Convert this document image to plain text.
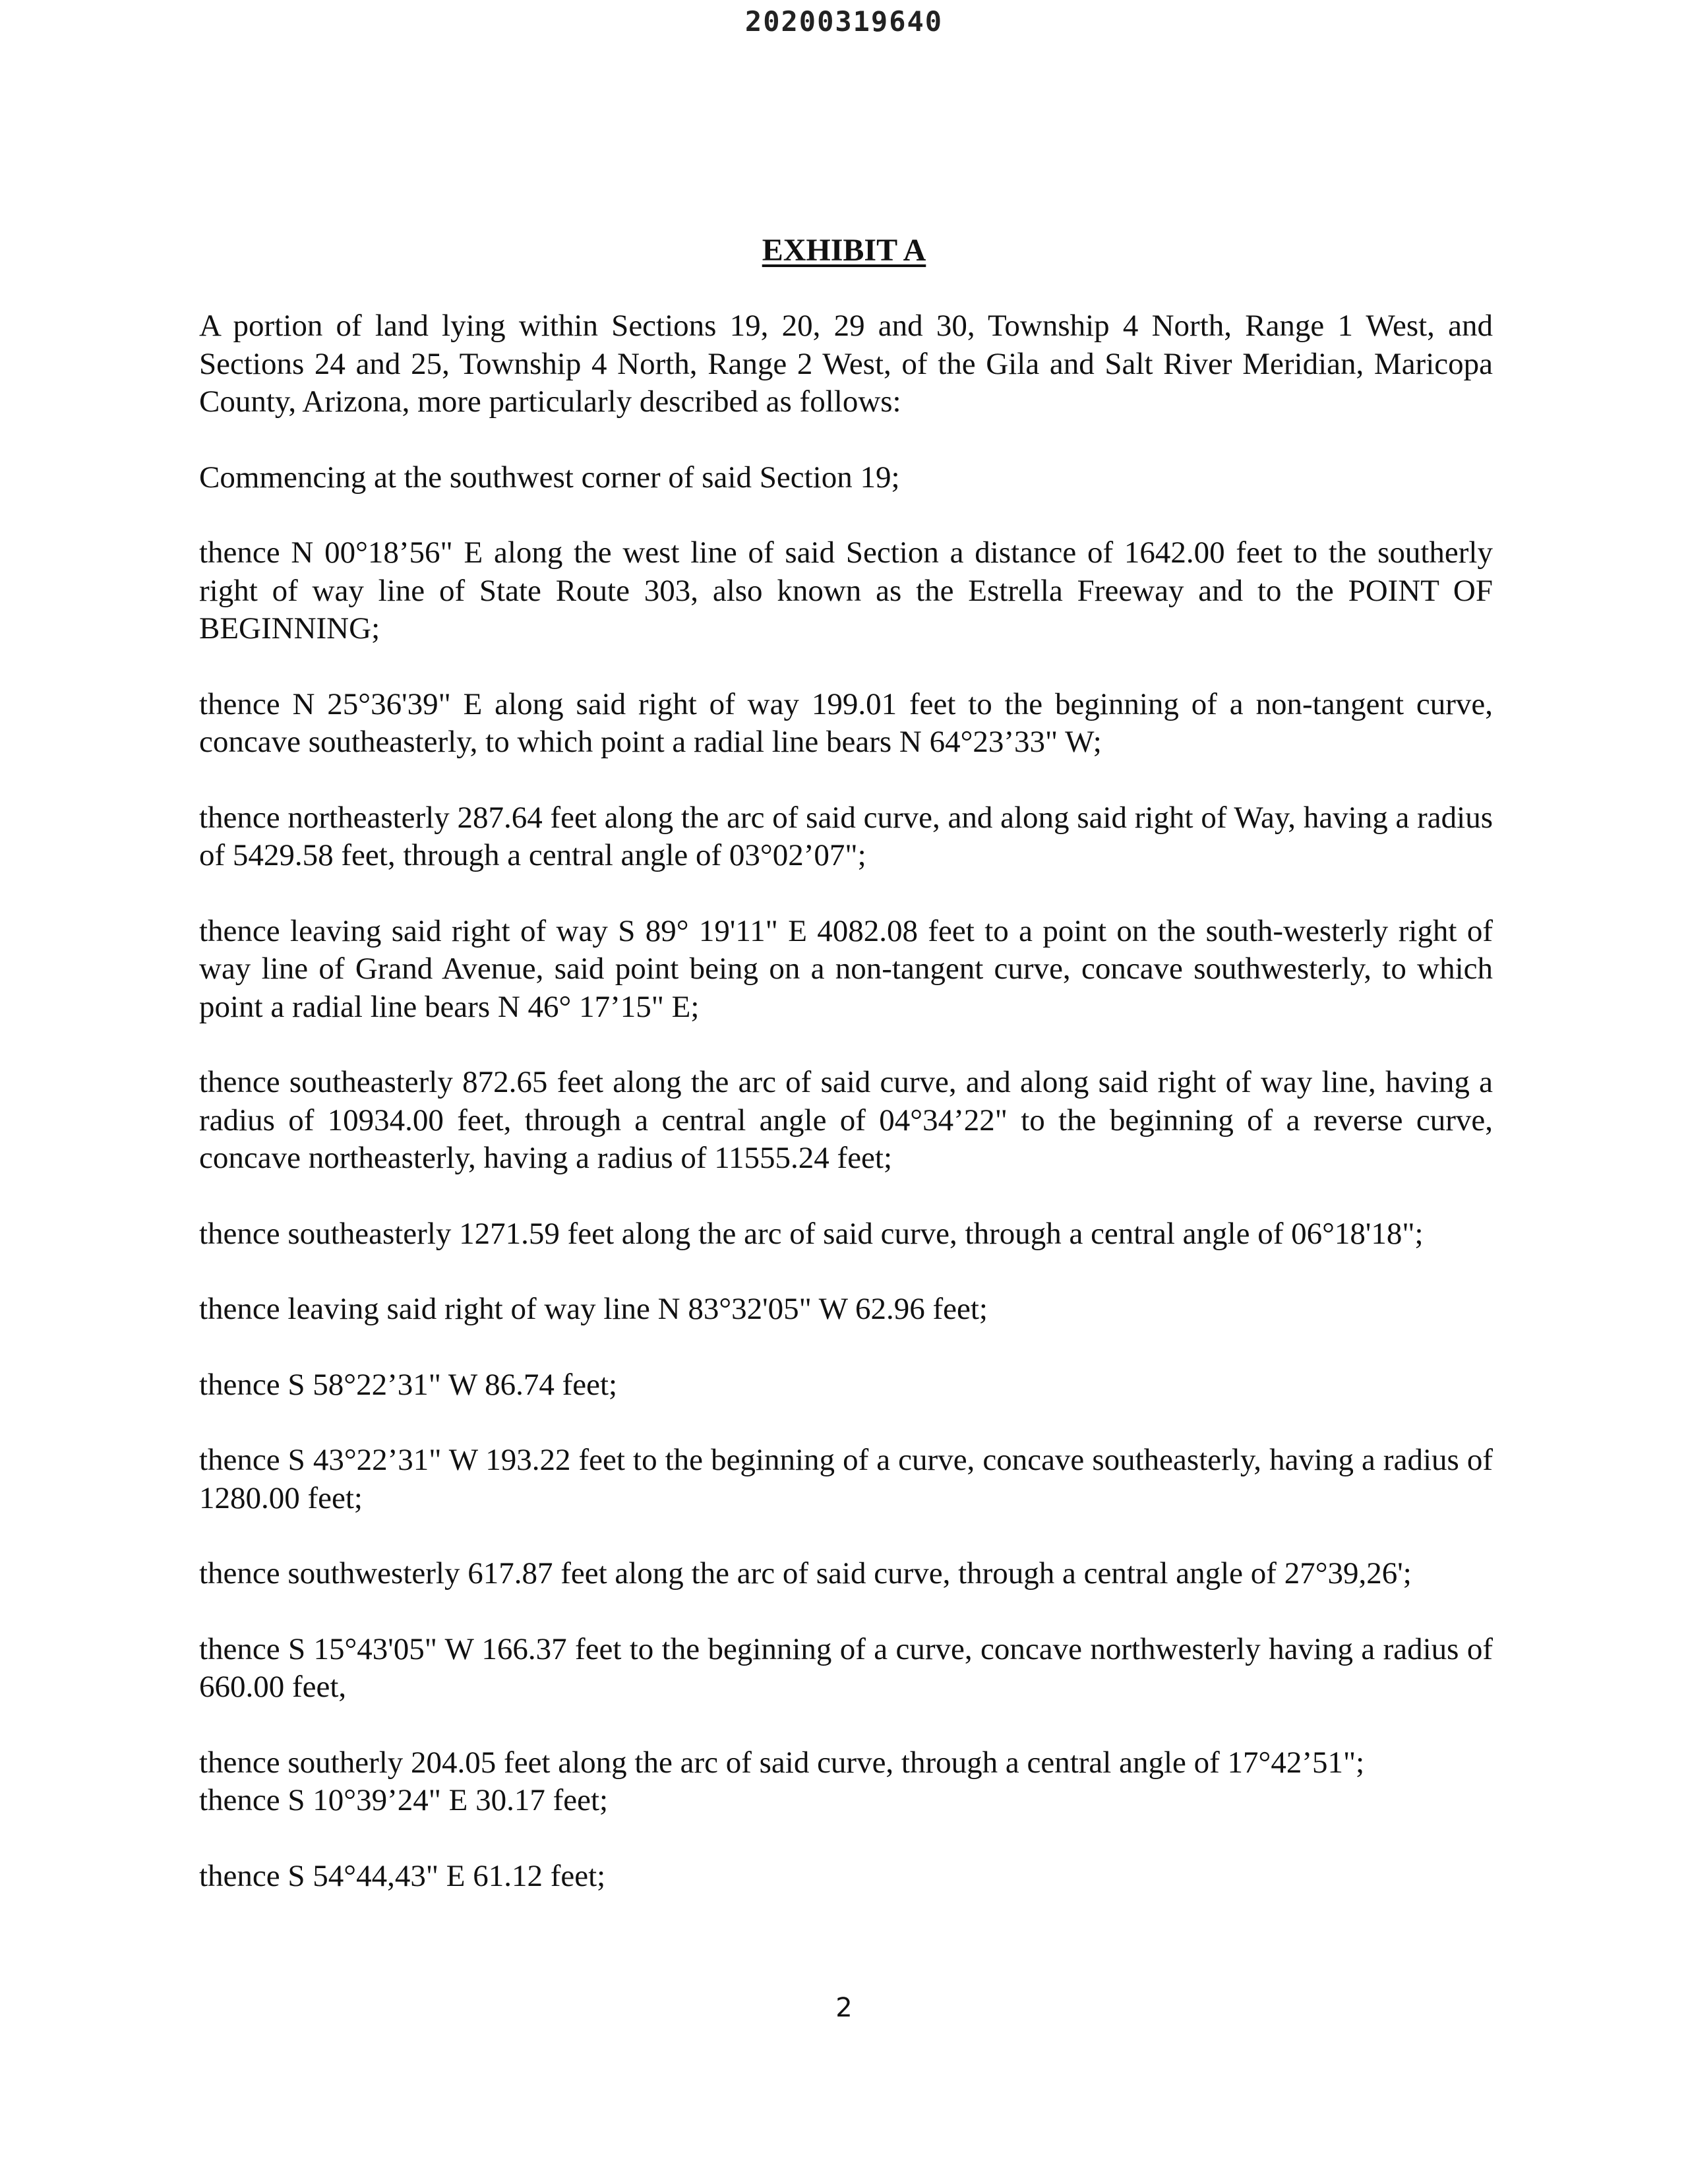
20200319640
EXHIBIT A

A portion of land lying within Sections 19, 20, 29 and 30, Township 4 North, Range 1 West, and Sections 24 and 25, Township 4 North, Range 2 West, of the Gila and Salt River Meridian, Maricopa County, Arizona, more particularly described as follows:

Commencing at the southwest corner of said Section 19;

thence N 00°18’56" E along the west line of said Section a distance of 1642.00 feet to the southerly right of way line of State Route 303, also known as the Estrella Freeway and to the POINT OF BEGINNING;

thence N 25°36'39" E along said right of way 199.01 feet to the beginning of a non-tangent curve, concave southeasterly, to which point a radial line bears N 64°23’33" W;

thence northeasterly 287.64 feet along the arc of said curve, and along said right of Way, having a radius of 5429.58 feet, through a central angle of 03°02’07";

thence leaving said right of way S 89° 19'11" E 4082.08 feet to a point on the south-westerly right of way line of Grand Avenue, said point being on a non-tangent curve, concave southwesterly, to which point a radial line bears N 46° 17’15" E;

thence southeasterly 872.65 feet along the arc of said curve, and along said right of way line, having a radius of 10934.00 feet, through a central angle of 04°34’22" to the beginning of a reverse curve, concave northeasterly, having a radius of 11555.24 feet;

thence southeasterly 1271.59 feet along the arc of said curve, through a central angle of 06°18'18";

thence leaving said right of way line N 83°32'05" W 62.96 feet;

thence S 58°22’31" W 86.74 feet;

thence S 43°22’31" W 193.22 feet to the beginning of a curve, concave southeasterly, having a radius of 1280.00 feet;

thence southwesterly 617.87 feet along the arc of said curve, through a central angle of 27°39,26';

thence S 15°43'05" W 166.37 feet to the beginning of a curve, concave northwesterly having a radius of 660.00 feet,

thence southerly 204.05 feet along the arc of said curve, through a central angle of 17°42’51";

thence S 10°39’24" E 30.17 feet;

thence S 54°44,43" E 61.12 feet;

2
